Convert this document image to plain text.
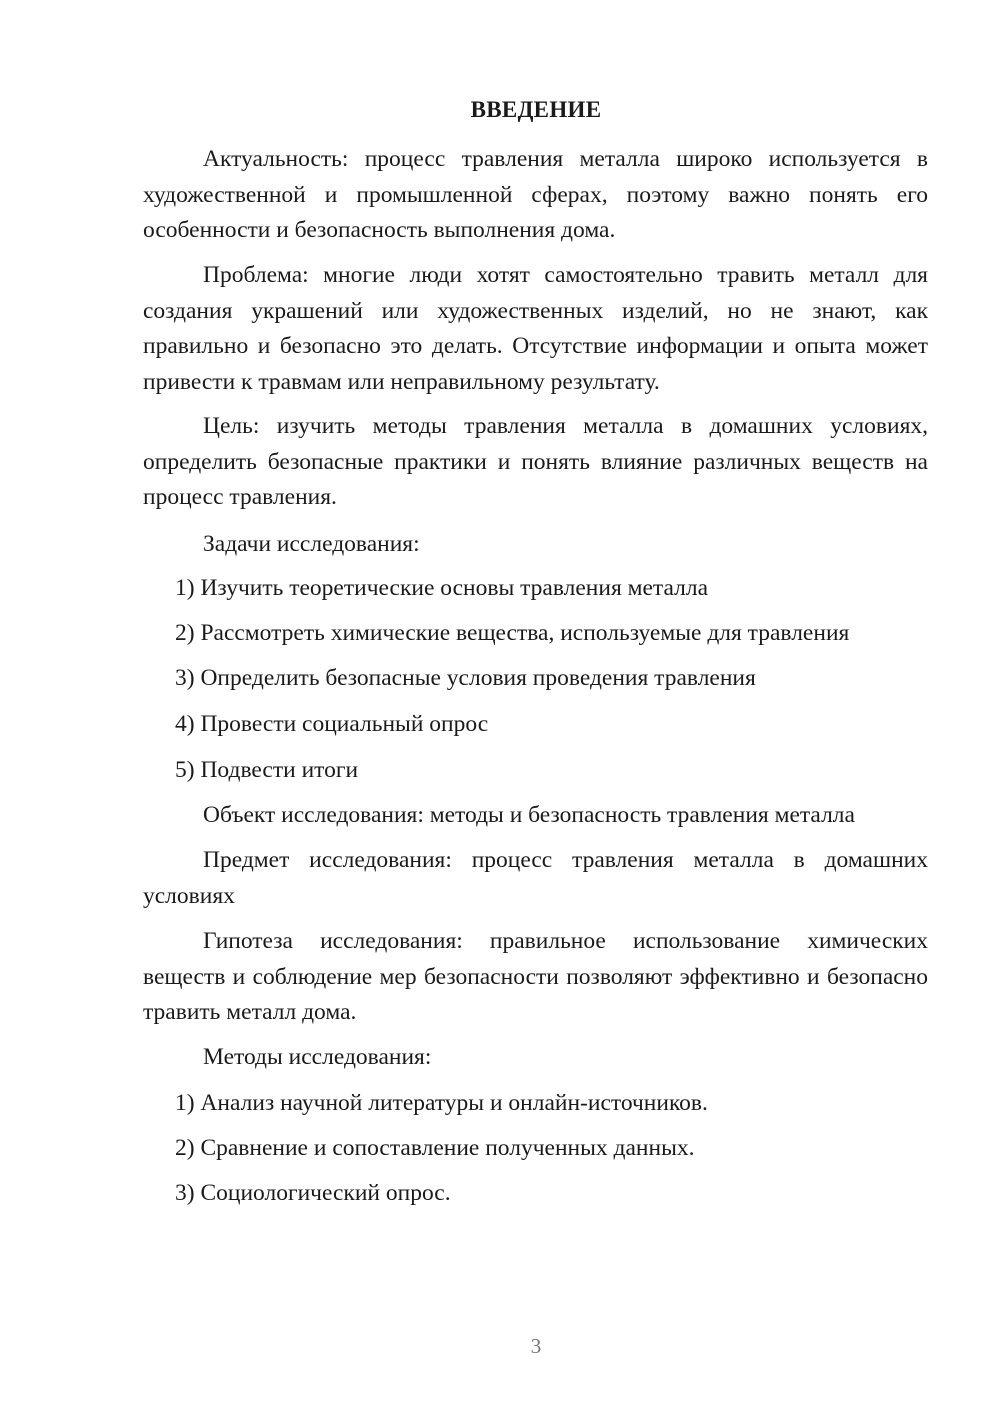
ВВЕДЕНИЕ

Актуальность: процесс травления металла широко используется в художественной и промышленной сферах, поэтому важно понять его особенности и безопасность выполнения дома.

Проблема: многие люди хотят самостоятельно травить металл для создания украшений или художественных изделий, но не знают, как правильно и безопасно это делать. Отсутствие информации и опыта может привести к травмам или неправильному результату.

Цель: изучить методы травления металла в домашних условиях, определить безопасные практики и понять влияние различных веществ на процесс травления.

Задачи исследования:
1) Изучить теоретические основы травления металла
2) Рассмотреть химические вещества, используемые для травления
3) Определить безопасные условия проведения травления
4) Провести социальный опрос
5) Подвести итоги
Объект исследования: методы и безопасность травления металла

Предмет исследования: процесс травления металла в домашних условиях

Гипотеза исследования: правильное использование химических веществ и соблюдение мер безопасности позволяют эффективно и безопасно травить металл дома.

Методы исследования:
1) Анализ научной литературы и онлайн-источников.
2) Сравнение и сопоставление полученных данных.
3) Социологический опрос.
3
